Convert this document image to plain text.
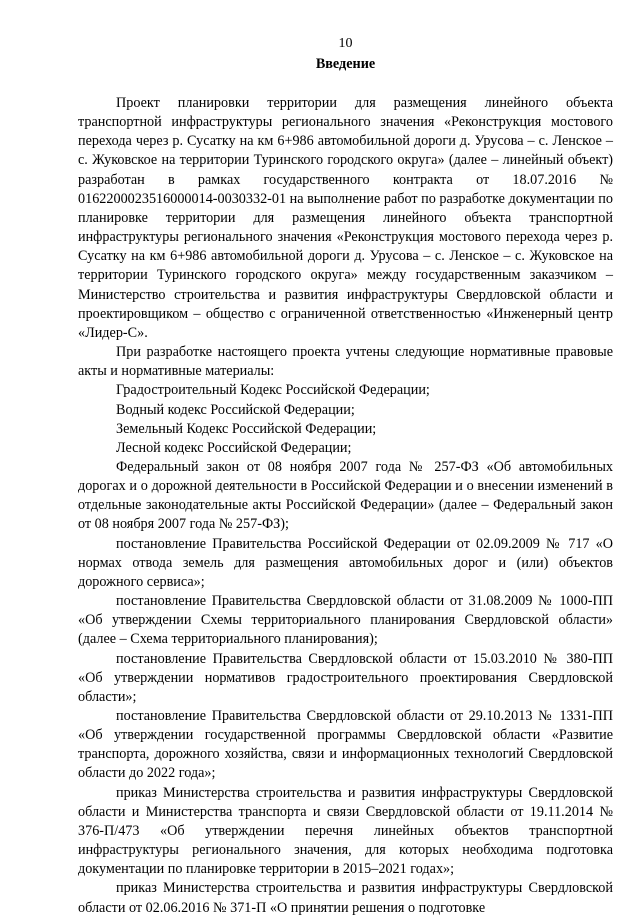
10
Введение

Проект планировки территории для размещения линейного объекта транспортной инфраструктуры регионального значения «Реконструкция мостового перехода через р. Сусатку на км 6+986 автомобильной дороги д. Урусова – с. Ленское – с. Жуковское на территории Туринского городского округа» (далее – линейный объект) разработан в рамках государственного контракта от 18.07.2016 № 0162200023516000014-0030332-01 на выполнение работ по разработке документации по планировке территории для размещения линейного объекта транспортной инфраструктуры регионального значения «Реконструкция мостового перехода через р. Сусатку на км 6+986 автомобильной дороги д. Урусова – с. Ленское – с. Жуковское на территории Туринского городского округа» между государственным заказчиком – Министерство строительства и развития инфраструктуры Свердловской области и проектировщиком – общество с ограниченной ответственностью «Инженерный центр «Лидер-С».

При разработке настоящего проекта учтены следующие нормативные правовые акты и нормативные материалы:

Градостроительный Кодекс Российской Федерации;

Водный кодекс Российской Федерации;

Земельный Кодекс Российской Федерации;

Лесной кодекс Российской Федерации;

Федеральный закон от 08 ноября 2007 года № 257-ФЗ «Об автомобильных дорогах и о дорожной деятельности в Российской Федерации и о внесении изменений в отдельные законодательные акты Российской Федерации» (далее – Федеральный закон от 08 ноября 2007 года № 257-ФЗ);

постановление Правительства Российской Федерации от 02.09.2009 № 717 «О нормах отвода земель для размещения автомобильных дорог и (или) объектов дорожного сервиса»;

постановление Правительства Свердловской области от 31.08.2009 № 1000-ПП «Об утверждении Схемы территориального планирования Свердловской области» (далее – Схема территориального планирования);

постановление Правительства Свердловской области от 15.03.2010 № 380-ПП «Об утверждении нормативов градостроительного проектирования Свердловской области»;

постановление Правительства Свердловской области от 29.10.2013 № 1331-ПП «Об утверждении государственной программы Свердловской области «Развитие транспорта, дорожного хозяйства, связи и информационных технологий Свердловской области до 2022 года»;

приказ Министерства строительства и развития инфраструктуры Свердловской области и Министерства транспорта и связи Свердловской области от 19.11.2014 № 376-П/473 «Об утверждении перечня линейных объектов транспортной инфраструктуры регионального значения, для которых необходима подготовка документации по планировке территории в 2015–2021 годах»;

приказ Министерства строительства и развития инфраструктуры Свердловской области от 02.06.2016 № 371-П «О принятии решения о подготовке
